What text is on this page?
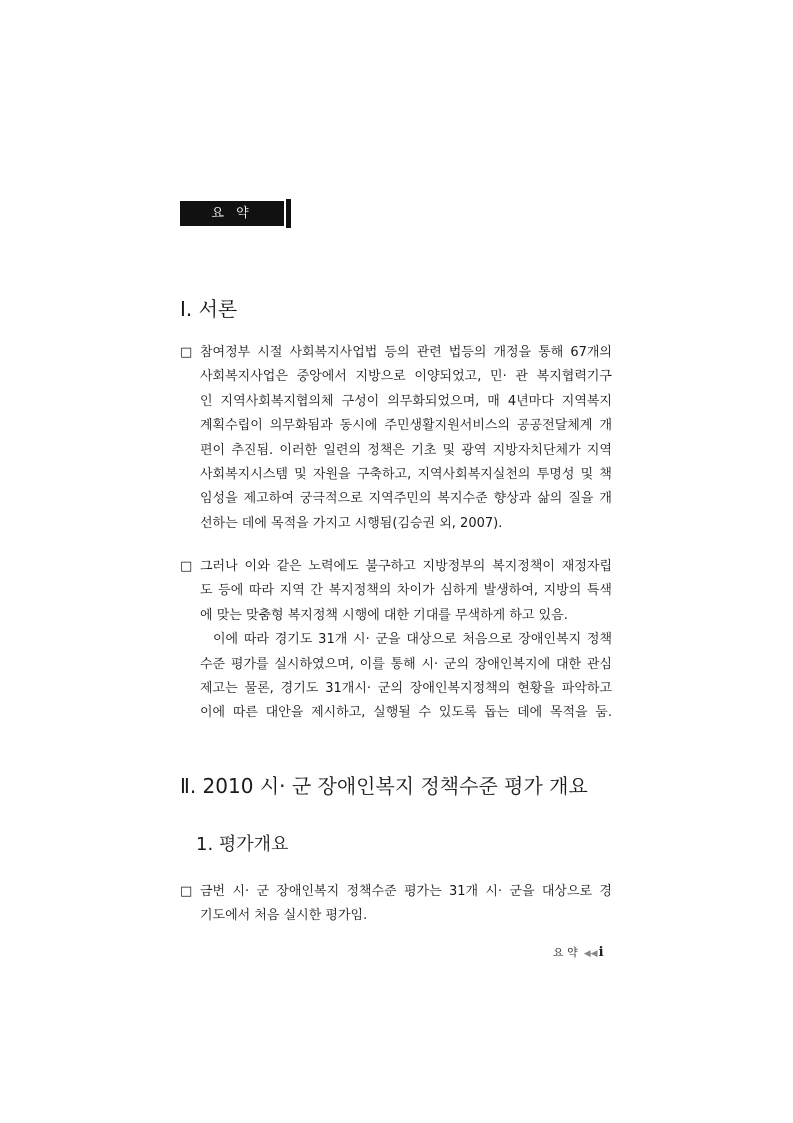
요 약
Ⅰ. 서론
□ 참여정부 시절 사회복지사업법 등의 관련 법등의 개정을 통해 67개의
사회복지사업은 중앙에서 지방으로 이양되었고, 민· 관 복지협력기구
인 지역사회복지협의체 구성이 의무화되었으며, 매 4년마다 지역복지
계획수립이 의무화됨과 동시에 주민생활지원서비스의 공공전달체계 개
편이 추진됨. 이러한 일련의 정책은 기초 및 광역 지방자치단체가 지역
사회복지시스템 및 자원을 구축하고, 지역사회복지실천의 투명성 및 책
임성을 제고하여 궁극적으로 지역주민의 복지수준 향상과 삶의 질을 개
선하는 데에 목적을 가지고 시행됨(김승권 외, 2007).
□ 그러나 이와 같은 노력에도 불구하고 지방정부의 복지정책이 재정자립
도 등에 따라 지역 간 복지정책의 차이가 심하게 발생하여, 지방의 특색
에 맞는 맞춤형 복지정책 시행에 대한 기대를 무색하게 하고 있음.
이에 따라 경기도 31개 시· 군을 대상으로 처음으로 장애인복지 정책
수준 평가를 실시하였으며, 이를 통해 시· 군의 장애인복지에 대한 관심
제고는 물론, 경기도 31개시· 군의 장애인복지정책의 현황을 파악하고
이에 따른 대안을 제시하고, 실행될 수 있도록 돕는 데에 목적을 둠.
Ⅱ. 2010 시· 군 장애인복지 정책수준 평가 개요
1. 평가개요
□ 금번 시· 군 장애인복지 정책수준 평가는 31개 시· 군을 대상으로 경
기도에서 처음 실시한 평가임.
요 약 ◀◀i
